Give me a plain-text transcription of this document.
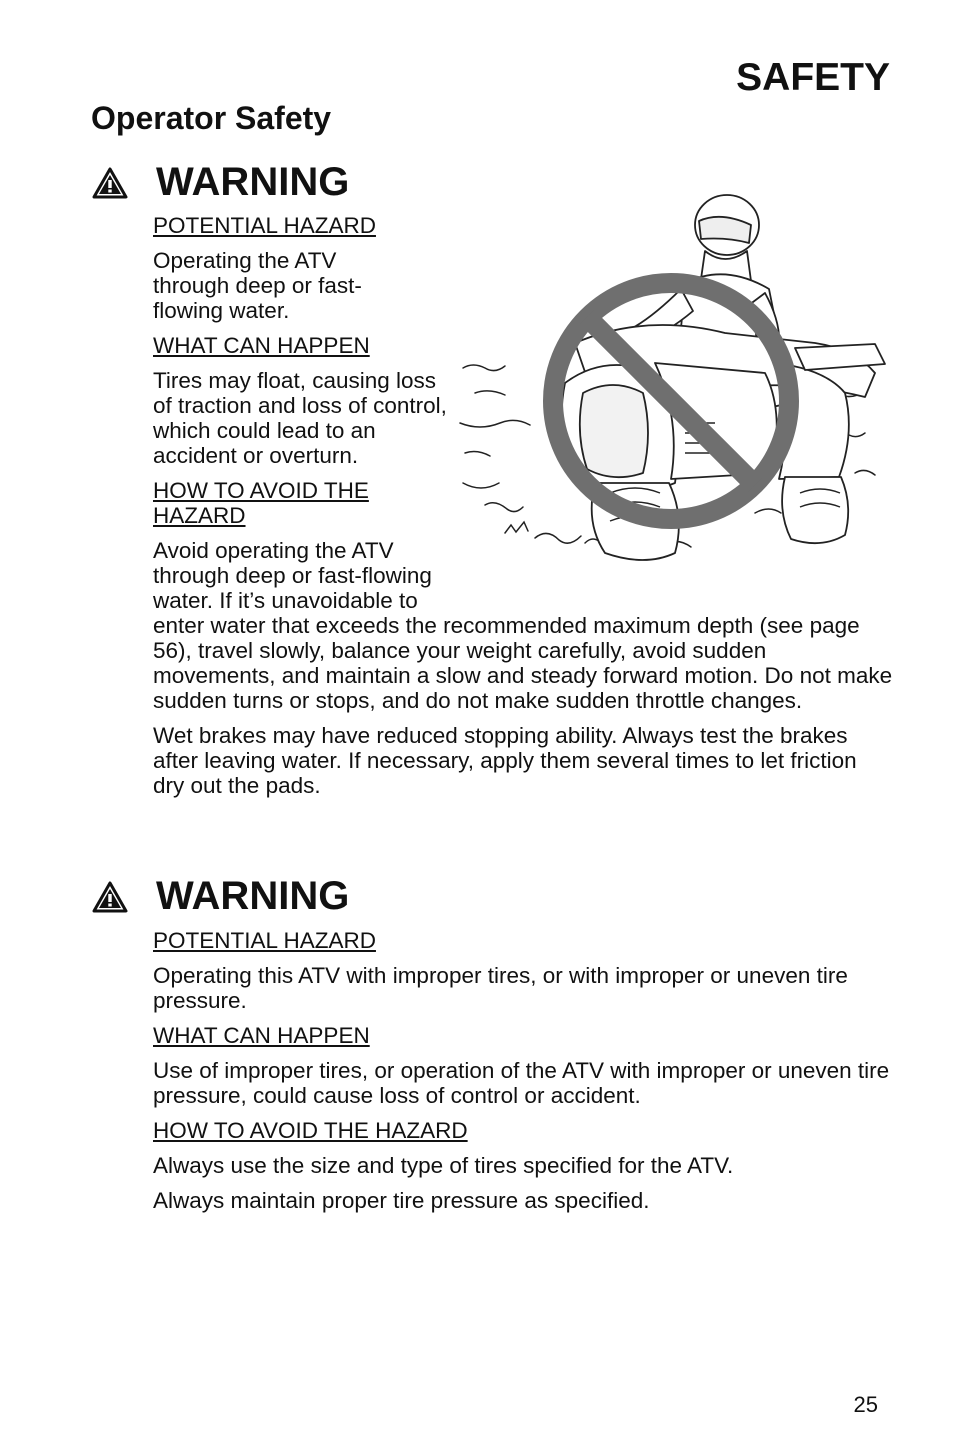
SAFETY
Operator Safety
WARNING

POTENTIAL HAZARD

Operating the ATV through deep or fast-flowing water.

WHAT CAN HAPPEN

Tires may float, causing loss of traction and loss of control, which could lead to an accident or overturn.

HOW TO AVOID THE HAZARD

Avoid operating the ATV through deep or fast-flowing water. If it’s unavoidable to enter water that exceeds the recommended maximum depth (see page 56), travel slowly, balance your weight carefully, avoid sudden movements, and maintain a slow and steady forward motion. Do not make sudden turns or stops, and do not make sudden throttle changes.

Wet brakes may have reduced stopping ability. Always test the brakes after leaving water. If necessary, apply them several times to let friction dry out the pads.

WARNING

POTENTIAL HAZARD

Operating this ATV with improper tires, or with improper or uneven tire pressure.

WHAT CAN HAPPEN

Use of improper tires, or operation of the ATV with improper or uneven tire pressure, could cause loss of control or accident.

HOW TO AVOID THE HAZARD

Always use the size and type of tires specified for the ATV.

Always maintain proper tire pressure as specified.

25
